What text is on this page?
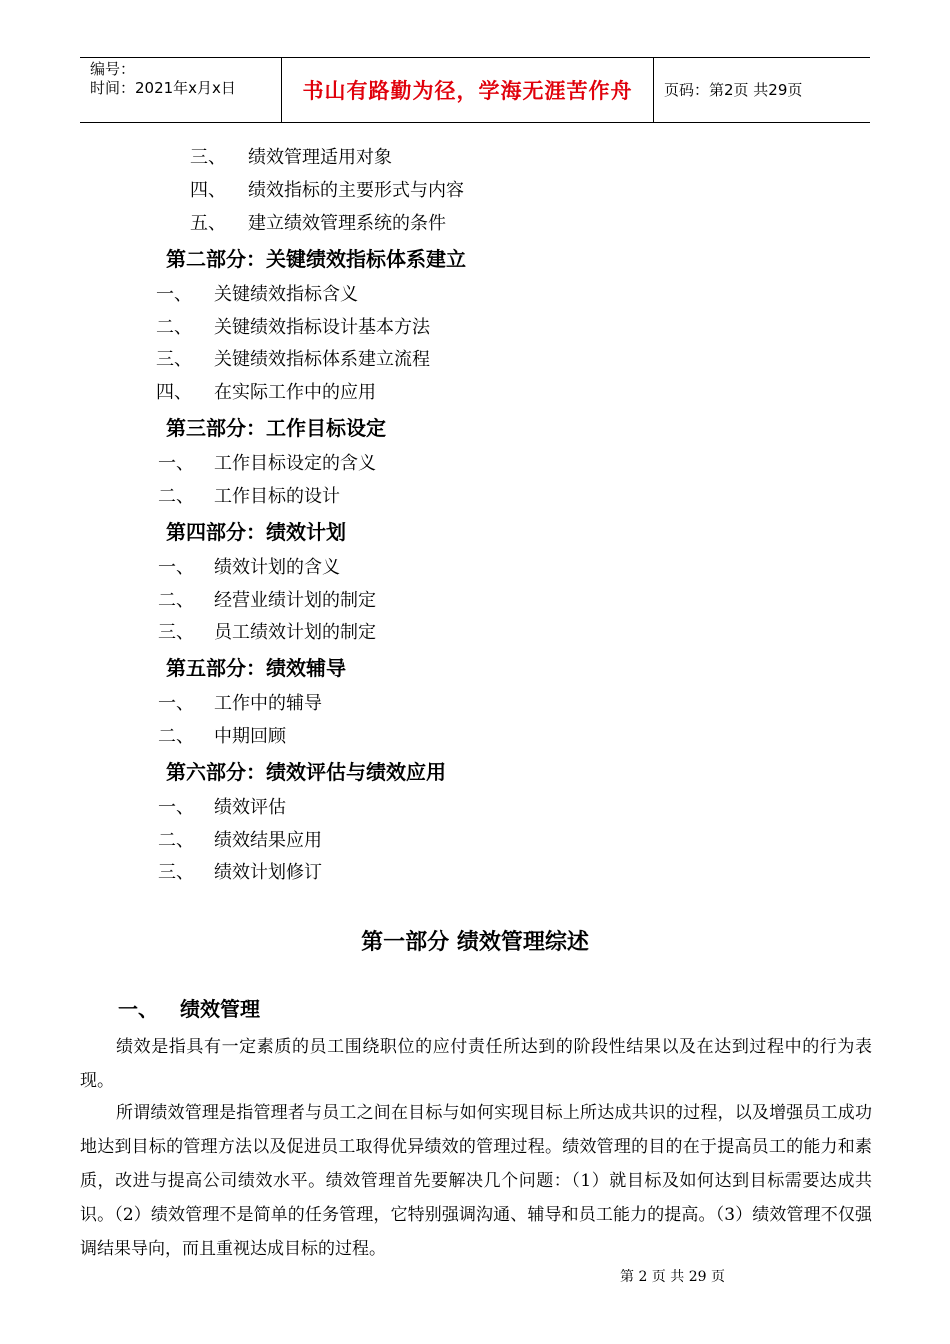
编号：
时间：2021年x月x日	书山有路勤为径，学海无涯苦作舟 页码：第2页 共29页
三、 绩效管理适用对象
四、 绩效指标的主要形式与内容
五、 建立绩效管理系统的条件
第二部分：关键绩效指标体系建立
一、 关键绩效指标含义
二、 关键绩效指标设计基本方法
三、 关键绩效指标体系建立流程
四、 在实际工作中的应用
第三部分：工作目标设定
一、 工作目标设定的含义
二、 工作目标的设计
第四部分：绩效计划
一、 绩效计划的含义
二、 经营业绩计划的制定
三、 员工绩效计划的制定
第五部分：绩效辅导
一、 工作中的辅导
二、 中期回顾
第六部分：绩效评估与绩效应用
一、 绩效评估
二、 绩效结果应用
三、 绩效计划修订
第一部分 绩效管理综述
一、 绩效管理
绩效是指具有一定素质的员工围绕职位的应付责任所达到的阶段性结果以及在达到过程中的行为表现。
所谓绩效管理是指管理者与员工之间在目标与如何实现目标上所达成共识的过程，以及增强员工成功地达到目标的管理方法以及促进员工取得优异绩效的管理过程。绩效管理的目的在于提高员工的能力和素质，改进与提高公司绩效水平。绩效管理首先要解决几个问题：（1）就目标及如何达到目标需要达成共识。（2）绩效管理不是简单的任务管理，它特别强调沟通、辅导和员工能力的提高。（3）绩效管理不仅强调结果导向，而且重视达成目标的过程。
第 2 页 共 29 页
